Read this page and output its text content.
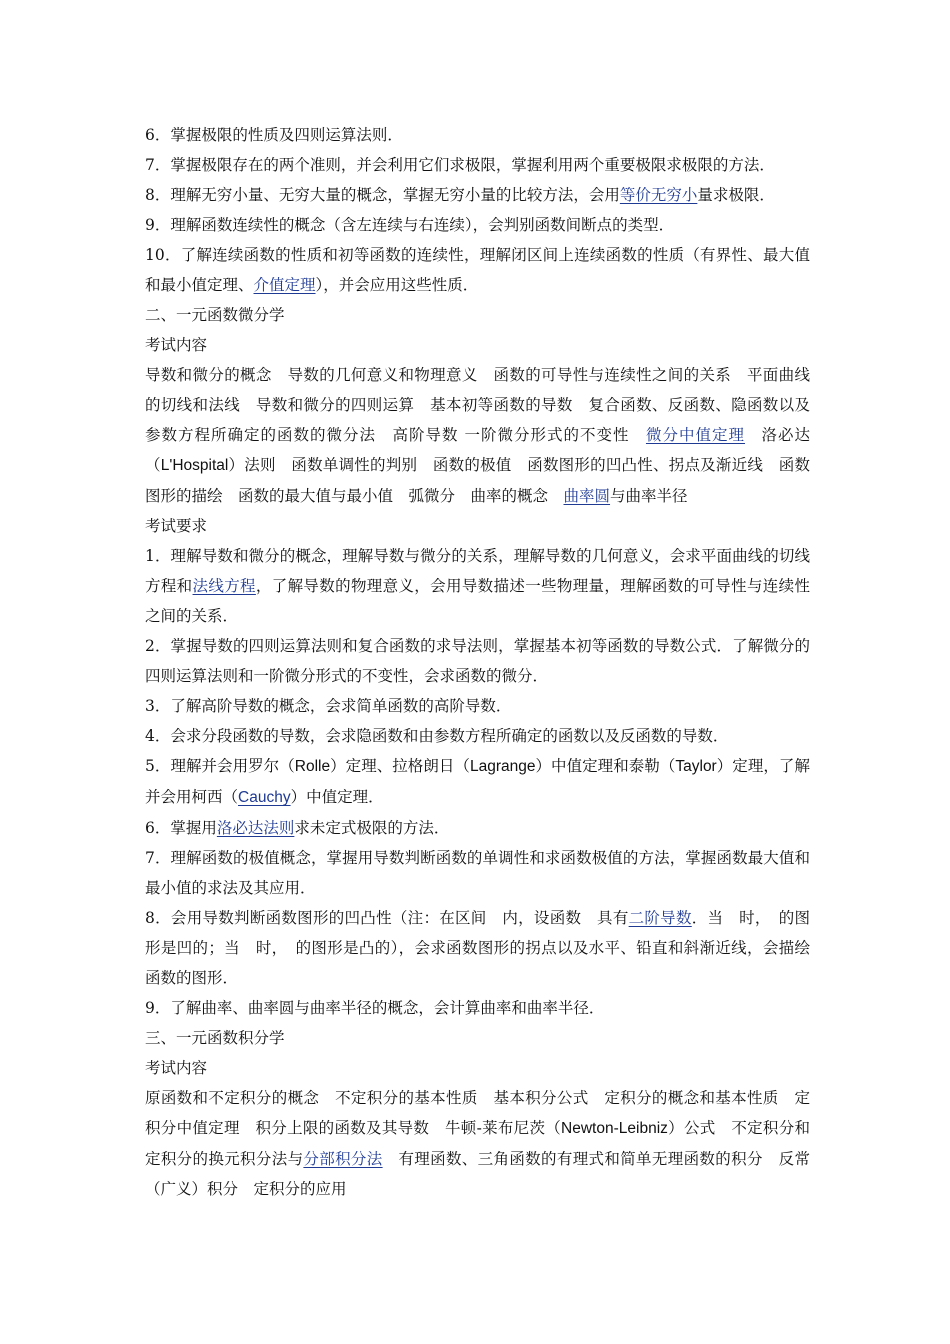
6．掌握极限的性质及四则运算法则．

7．掌握极限存在的两个准则，并会利用它们求极限，掌握利用两个重要极限求极限的方法．

8．理解无穷小量、无穷大量的概念，掌握无穷小量的比较方法，会用等价无穷小量求极限．

9．理解函数连续性的概念（含左连续与右连续），会判别函数间断点的类型．

10．了解连续函数的性质和初等函数的连续性，理解闭区间上连续函数的性质（有界性、最大值和最小值定理、介值定理），并会应用这些性质．

二、一元函数微分学

考试内容

导数和微分的概念　导数的几何意义和物理意义　函数的可导性与连续性之间的关系　平面曲线的切线和法线　导数和微分的四则运算　基本初等函数的导数　复合函数、反函数、隐函数以及参数方程所确定的函数的微分法　高阶导数 一阶微分形式的不变性　微分中值定理　洛必达（L'Hospital）法则　函数单调性的判别　函数的极值　函数图形的凹凸性、拐点及渐近线　函数图形的描绘　函数的最大值与最小值　弧微分　曲率的概念　曲率圆与曲率半径

考试要求

1．理解导数和微分的概念，理解导数与微分的关系，理解导数的几何意义，会求平面曲线的切线方程和法线方程，了解导数的物理意义，会用导数描述一些物理量，理解函数的可导性与连续性之间的关系．

2．掌握导数的四则运算法则和复合函数的求导法则，掌握基本初等函数的导数公式．了解微分的四则运算法则和一阶微分形式的不变性，会求函数的微分．

3．了解高阶导数的概念，会求简单函数的高阶导数．

4．会求分段函数的导数，会求隐函数和由参数方程所确定的函数以及反函数的导数．

5．理解并会用罗尔（Rolle）定理、拉格朗日（Lagrange）中值定理和泰勒（Taylor）定理，了解并会用柯西（Cauchy）中值定理．

6．掌握用洛必达法则求未定式极限的方法．

7．理解函数的极值概念，掌握用导数判断函数的单调性和求函数极值的方法，掌握函数最大值和最小值的求法及其应用．

8．会用导数判断函数图形的凹凸性（注：在区间　内，设函数　具有二阶导数．当　时，　的图形是凹的；当　时，　的图形是凸的），会求函数图形的拐点以及水平、铅直和斜渐近线，会描绘函数的图形．

9．了解曲率、曲率圆与曲率半径的概念，会计算曲率和曲率半径．

三、一元函数积分学

考试内容

原函数和不定积分的概念　不定积分的基本性质　基本积分公式　定积分的概念和基本性质　定积分中值定理　积分上限的函数及其导数　牛顿-莱布尼茨（Newton-Leibniz）公式　不定积分和定积分的换元积分法与分部积分法　有理函数、三角函数的有理式和简单无理函数的积分　反常（广义）积分　定积分的应用
